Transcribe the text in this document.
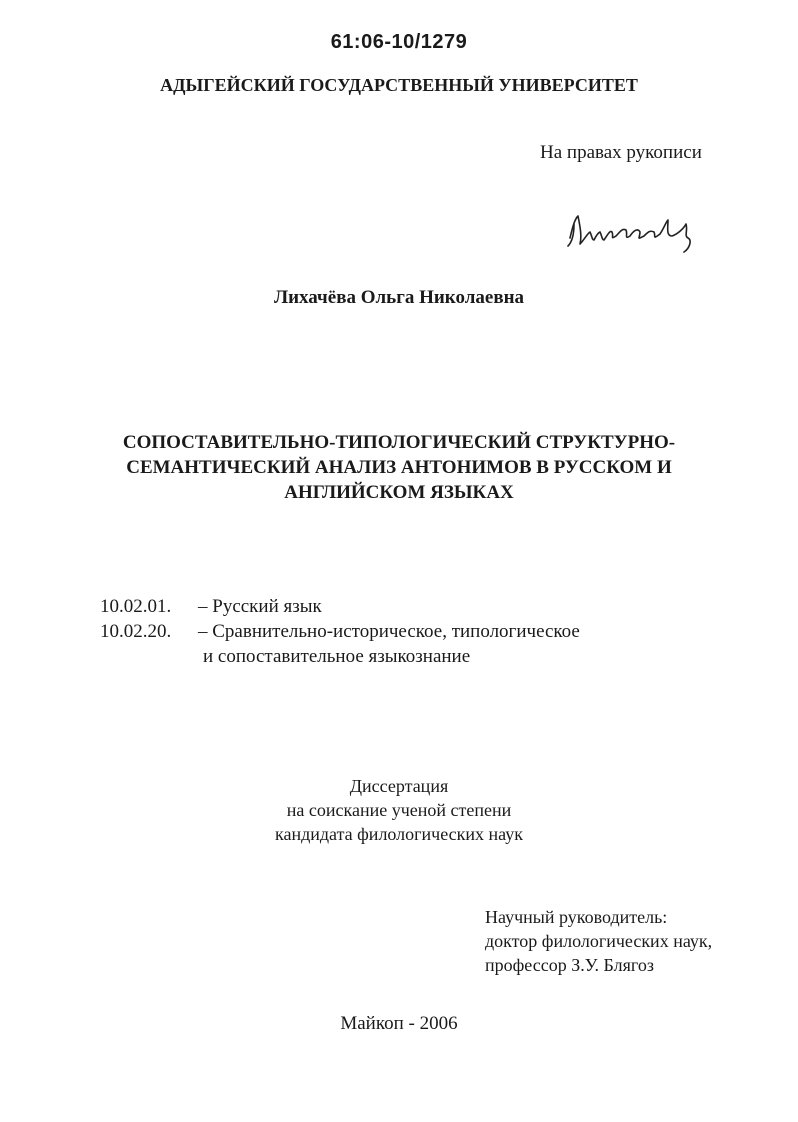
61:06-10/1279
АДЫГЕЙСКИЙ ГОСУДАРСТВЕННЫЙ УНИВЕРСИТЕТ
На правах рукописи
Лихачёва Ольга Николаевна
СОПОСТАВИТЕЛЬНО-ТИПОЛОГИЧЕСКИЙ СТРУКТУРНО-
СЕМАНТИЧЕСКИЙ АНАЛИЗ АНТОНИМОВ В РУССКОМ И
АНГЛИЙСКОМ ЯЗЫКАХ
10.02.01. – Русский язык
10.02.20. – Сравнительно-историческое, типологическое
и сопоставительное языкознание
Диссертация
на соискание ученой степени
кандидата филологических наук
Научный руководитель:
доктор филологических наук,
профессор З.У. Блягоз
Майкоп - 2006
